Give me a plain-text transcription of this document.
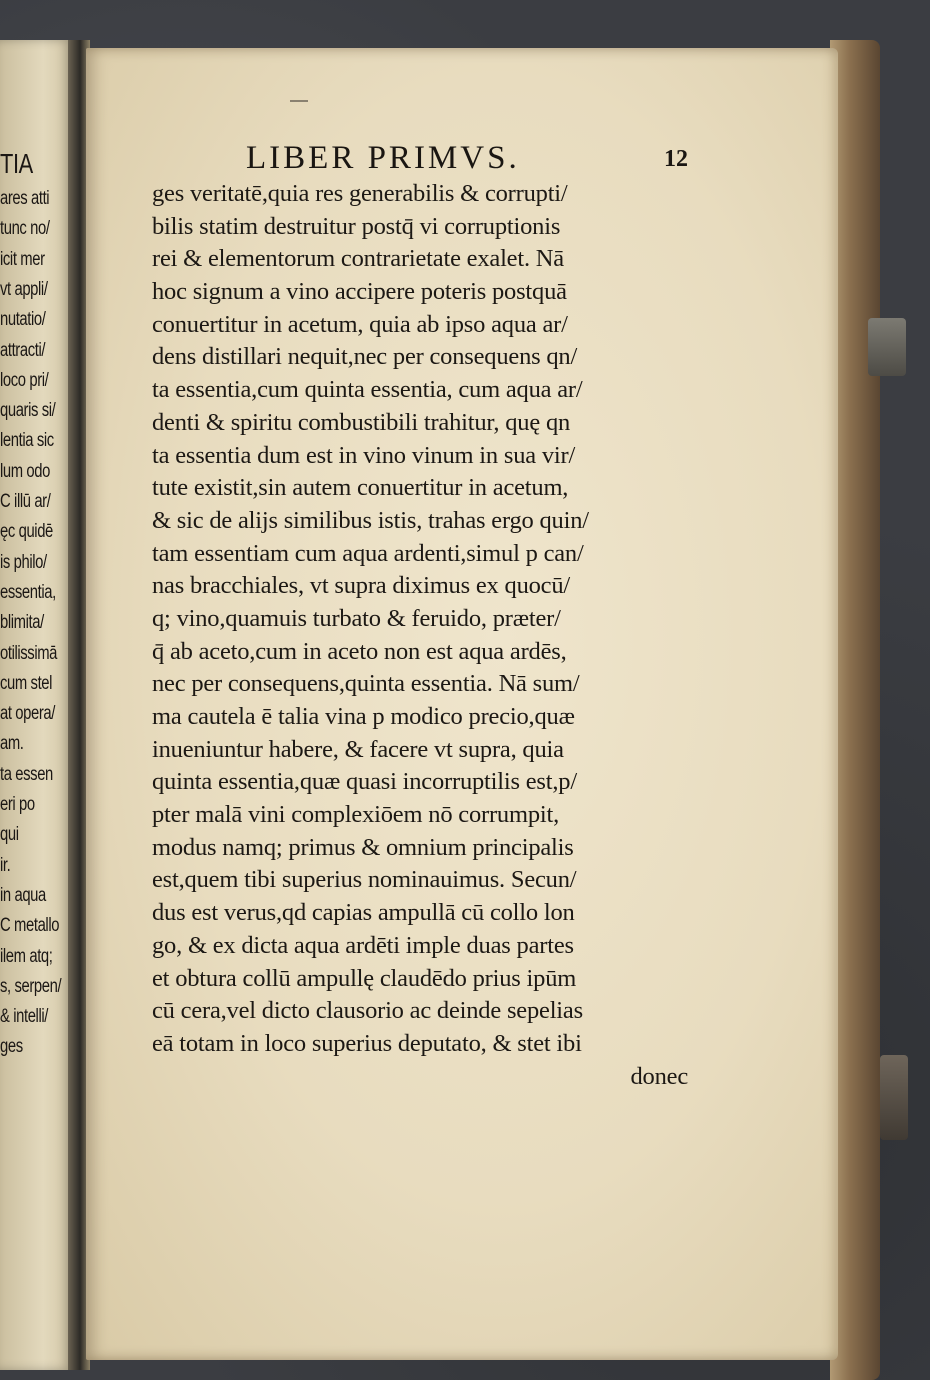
TIA
ares atti
tunc no/
icit mer
vt appli/
nutatio/
attracti/
loco pri/
quaris si/
lentia sic
lum odo
C illū ar/
ęc quidē
is philo/
essentia,
blimita/
otilissimā
cum stel
at opera/
am.
ta essen
eri po
qui
ir.
in aqua
C metallo
ilem atq;
s, serpen/
& intelli/
ges
LIBER PRIMVS.	12
ges veritatē,quia res generabilis & corrupti/
bilis statim destruitur postq̄ vi corruptionis
rei & elementorum contrarietate exalet. Nā
hoc signum a vino accipere poteris postquā
conuertitur in acetum, quia ab ipso aqua ar/
dens distillari nequit,nec per consequens qn/
ta essentia,cum quinta essentia, cum aqua ar/
denti & spiritu combustibili trahitur, quę qn
ta essentia dum est in vino vinum in sua vir/
tute existit,sin autem conuertitur in acetum,
& sic de alijs similibus istis, trahas ergo quin/
tam essentiam cum aqua ardenti,simul p can/
nas bracchiales, vt supra diximus ex quocū/
q; vino,quamuis turbato & feruido, prӕter/
q̄ ab aceto,cum in aceto non est aqua ardēs,
nec per consequens,quinta essentia. Nā sum/
ma cautela ē talia vina p modico precio,quӕ
inueniuntur habere, & facere vt supra, quia
quinta essentia,quӕ quasi incorruptilis est,p/
pter malā vini complexiōem nō corrumpit,
modus namq; primus & omnium principalis
est,quem tibi superius nominauimus. Secun/
dus est verus,qd capias ampullā cū collo lon
go, & ex dicta aqua ardēti imple duas partes
et obtura collū ampullę claudēdo prius ipūm
cū cera,vel dicto clausorio ac deinde sepelias
eā totam in loco superius deputato, & stet ibi
donec
